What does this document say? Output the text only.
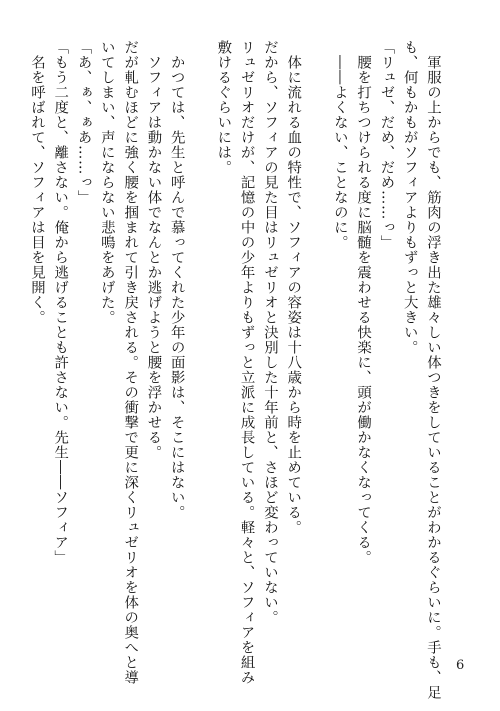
　軍服の上からでも、筋肉の浮き出た雄々しい体つきをしていることがわかるぐらいに。手も、足
も、何もかもがソフィアよりもずっと大きい。
「リュゼ、だめ、だめ……っ」
　腰を打ちつけられる度に脳髄を震わせる快楽に、頭が働かなくなってくる。
　――よくない、ことなのに。
　体に流れる血の特性で、ソフィアの容姿は十八歳から時を止めている。
だから、ソフィアの見た目はリュゼリオと決別した十年前と、さほど変わっていない。
リュゼリオだけが、記憶の中の少年よりもずっと立派に成長している。軽々と、ソフィアを組み
敷けるぐらいには。
　かつては、先生と呼んで慕ってくれた少年の面影は、そこにはない。
　ソフィアは動かない体でなんとか逃げようと腰を浮かせる。
だが軋むほどに強く腰を掴まれて引き戻される。その衝撃で更に深くリュゼリオを体の奥へと導
いてしまい、声にならない悲鳴をあげた。
「あ、ぁ、ぁあ……っ」
「もう二度と、離さない。俺から逃げることも許さない。先生――ソフィア」
　名を呼ばれて、ソフィアは目を見開く。
6
